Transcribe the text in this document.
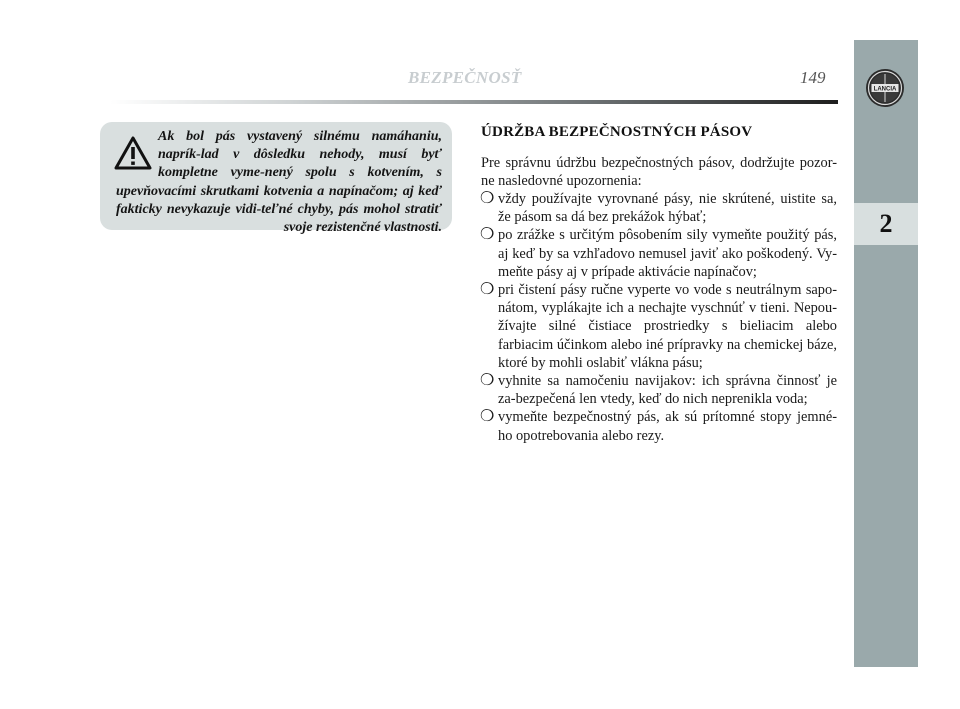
LANCIA
2
BEZPEČNOSŤ	149
Ak bol pás vystavený silnému namáhaniu, naprík-lad v dôsledku nehody, musí byť kompletne vyme-nený spolu s kotvením, s upevňovacími skrutkami kotvenia a napínačom; aj keď fakticky nevykazuje vidi-teľné chyby, pás mohol stratiť svoje rezistenčné vlastnosti.
ÚDRŽBA BEZPEČNOSTNÝCH PÁSOV
Pre správnu údržbu bezpečnostných pásov, dodržujte pozor-ne nasledovné upozornenia:
❍ vždy používajte vyrovnané pásy, nie skrútené, uistite sa, že pásom sa dá bez prekážok hýbať;
❍ po zrážke s určitým pôsobením sily vymeňte použitý pás, aj keď by sa vzhľadovo nemusel javiť ako poškodený. Vy-meňte pásy aj v prípade aktivácie napínačov;
❍ pri čistení pásy ručne vyperte vo vode s neutrálnym sapo-nátom, vyplákajte ich a nechajte vyschnúť v tieni. Nepou-žívajte silné čistiace prostriedky s bieliacim alebo farbiacim účinkom alebo iné prípravky na chemickej báze, ktoré by mohli oslabiť vlákna pásu;
❍ vyhnite sa namočeniu navijakov: ich správna činnosť je za-bezpečená len vtedy, keď do nich neprenikla voda;
❍ vymeňte bezpečnostný pás, ak sú prítomné stopy jemné-ho opotrebovania alebo rezy.
